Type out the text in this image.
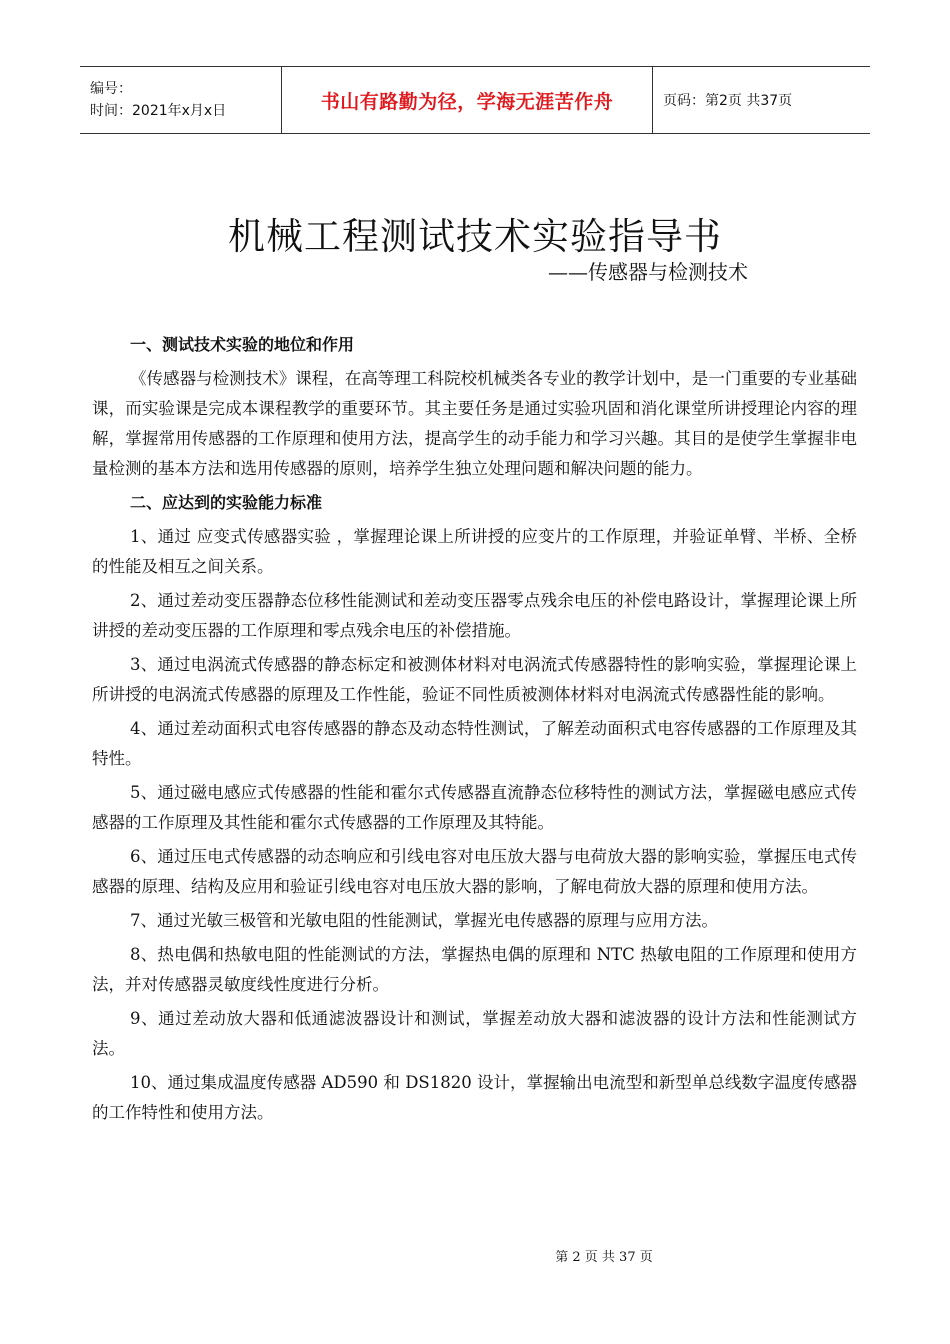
编号：
时间：2021年x月x日	书山有路勤为径，学海无涯苦作舟	页码：第2页 共37页
机械工程测试技术实验指导书
——传感器与检测技术
一、测试技术实验的地位和作用
《传感器与检测技术》课程，在高等理工科院校机械类各专业的教学计划中，是一门重要的专业基础课，而实验课是完成本课程教学的重要环节。其主要任务是通过实验巩固和消化课堂所讲授理论内容的理解，掌握常用传感器的工作原理和使用方法，提高学生的动手能力和学习兴趣。其目的是使学生掌握非电量检测的基本方法和选用传感器的原则，培养学生独立处理问题和解决问题的能力。
二、应达到的实验能力标准
1、通过 应变式传感器实验 ，掌握理论课上所讲授的应变片的工作原理，并验证单臂、半桥、全桥的性能及相互之间关系。
2、通过差动变压器静态位移性能测试和差动变压器零点残余电压的补偿电路设计，掌握理论课上所讲授的差动变压器的工作原理和零点残余电压的补偿措施。
3、通过电涡流式传感器的静态标定和被测体材料对电涡流式传感器特性的影响实验，掌握理论课上所讲授的电涡流式传感器的原理及工作性能，验证不同性质被测体材料对电涡流式传感器性能的影响。
4、通过差动面积式电容传感器的静态及动态特性测试，了解差动面积式电容传感器的工作原理及其特性。
5、通过磁电感应式传感器的性能和霍尔式传感器直流静态位移特性的测试方法，掌握磁电感应式传感器的工作原理及其性能和霍尔式传感器的工作原理及其特能。
6、通过压电式传感器的动态响应和引线电容对电压放大器与电荷放大器的影响实验，掌握压电式传感器的原理、结构及应用和验证引线电容对电压放大器的影响，了解电荷放大器的原理和使用方法。
7、通过光敏三极管和光敏电阻的性能测试，掌握光电传感器的原理与应用方法。
8、热电偶和热敏电阻的性能测试的方法，掌握热电偶的原理和 NTC 热敏电阻的工作原理和使用方法，并对传感器灵敏度线性度进行分析。
9、通过差动放大器和低通滤波器设计和测试，掌握差动放大器和滤波器的设计方法和性能测试方法。
10、通过集成温度传感器 AD590 和 DS1820 设计，掌握输出电流型和新型单总线数字温度传感器的工作特性和使用方法。
第 2 页 共 37 页
